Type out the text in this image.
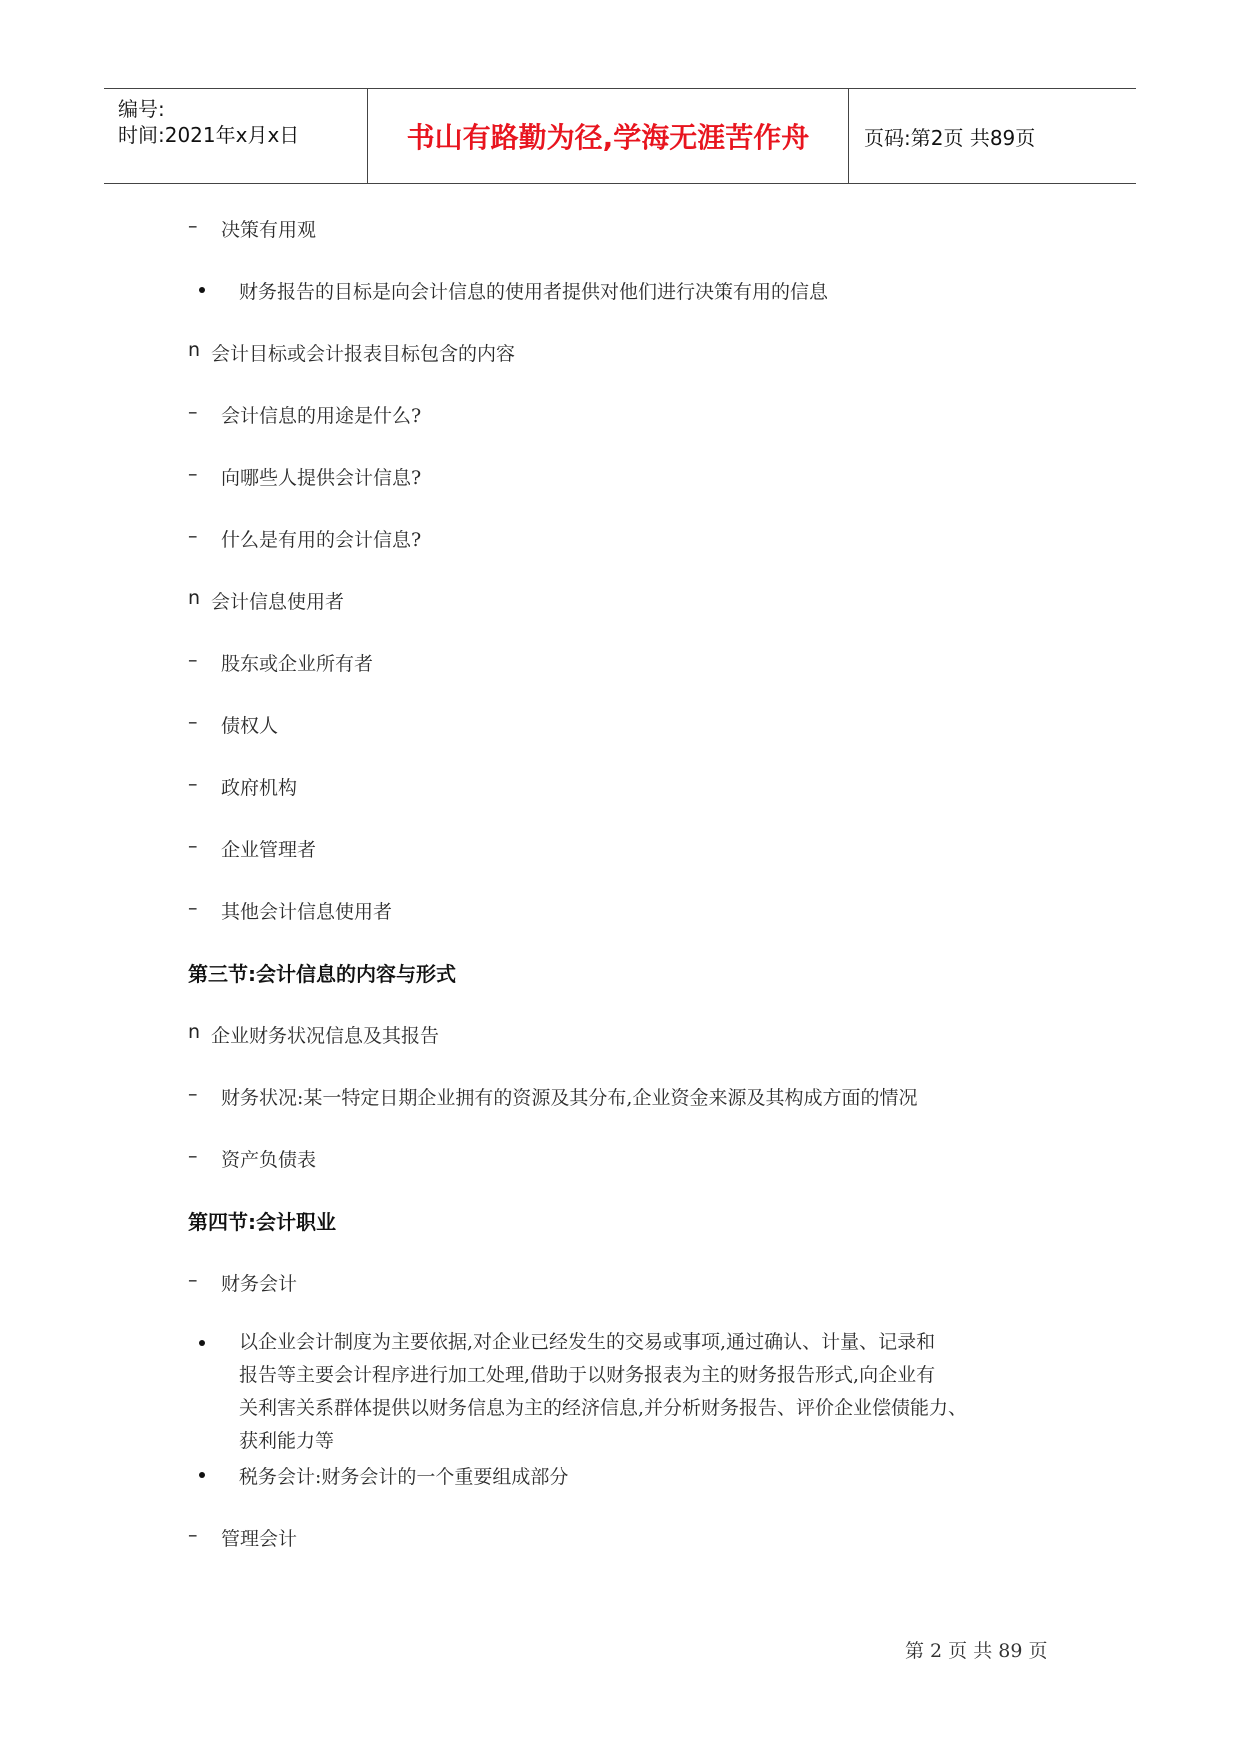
编号:
时间:2021年x月x日	书山有路勤为径,学海无涯苦作舟	页码:第2页 共89页
– 决策有用观
财务报告的目标是向会计信息的使用者提供对他们进行决策有用的信息
n 会计目标或会计报表目标包含的内容
– 会计信息的用途是什么?
– 向哪些人提供会计信息?
– 什么是有用的会计信息?
n 会计信息使用者
– 股东或企业所有者
– 债权人
– 政府机构
– 企业管理者
– 其他会计信息使用者
第三节:会计信息的内容与形式
n 企业财务状况信息及其报告
– 财务状况:某一特定日期企业拥有的资源及其分布,企业资金来源及其构成方面的情况
– 资产负债表
第四节:会计职业
– 财务会计
以企业会计制度为主要依据,对企业已经发生的交易或事项,通过确认、计量、记录和
报告等主要会计程序进行加工处理,借助于以财务报表为主的财务报告形式,向企业有
关利害关系群体提供以财务信息为主的经济信息,并分析财务报告、评价企业偿债能力、
获利能力等
税务会计:财务会计的一个重要组成部分
– 管理会计
第 2 页 共 89 页
